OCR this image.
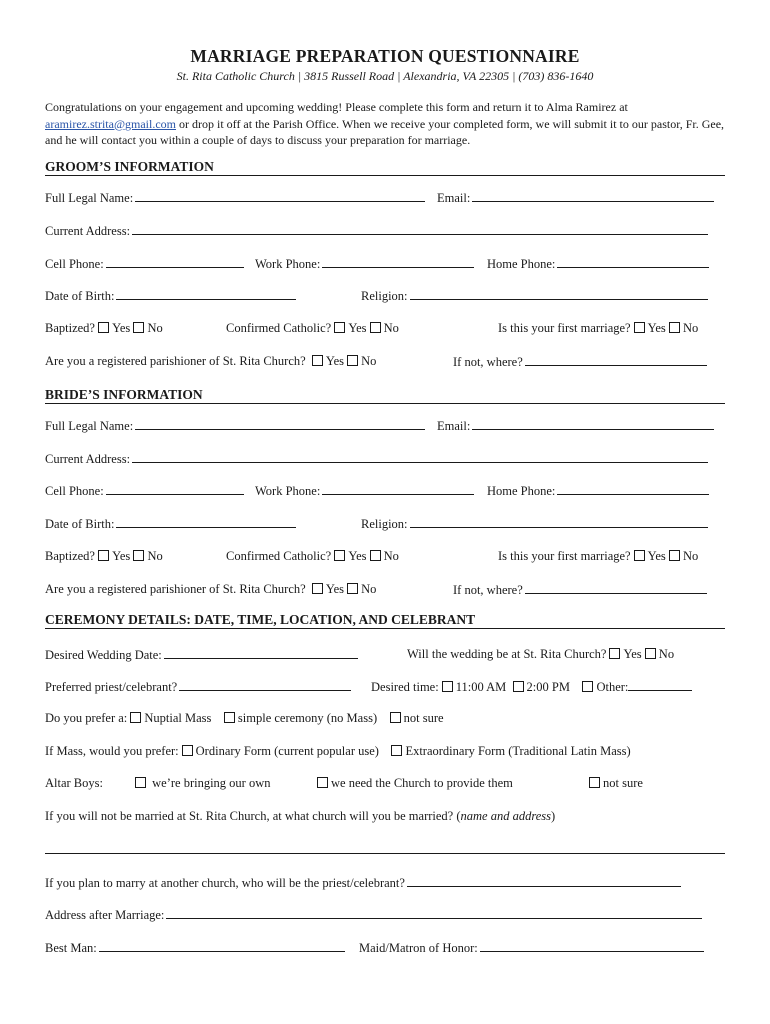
MARRIAGE PREPARATION QUESTIONNAIRE
St. Rita Catholic Church | 3815 Russell Road | Alexandria, VA 22305 | (703) 836-1640
Congratulations on your engagement and upcoming wedding! Please complete this form and return it to Alma Ramirez at aramirez.strita@gmail.com or drop it off at the Parish Office. When we receive your completed form, we will submit it to our pastor, Fr. Gee, and he will contact you within a couple of days to discuss your preparation for marriage.
GROOM’S INFORMATION
Full Legal Name:	Email:
Current Address:
Cell Phone:	Work Phone:	Home Phone:
Date of Birth:	Religion:
Baptized? Yes No	Confirmed Catholic? Yes No	Is this your first marriage? Yes No
Are you a registered parishioner of St. Rita Church? Yes No	If not, where?
BRIDE’S INFORMATION
Full Legal Name:	Email:
Current Address:
Cell Phone:	Work Phone:	Home Phone:
Date of Birth:	Religion:
Baptized? Yes No	Confirmed Catholic? Yes No	Is this your first marriage? Yes No
Are you a registered parishioner of St. Rita Church? Yes No	If not, where?
CEREMONY DETAILS: DATE, TIME, LOCATION, AND CELEBRANT
Desired Wedding Date:	Will the wedding be at St. Rita Church? Yes No
Preferred priest/celebrant?	Desired time: 11:00 AM 2:00 PM Other:
Do you prefer a: Nuptial Mass simple ceremony (no Mass) not sure
If Mass, would you prefer: Ordinary Form (current popular use) Extraordinary Form (Traditional Latin Mass)
Altar Boys:	we’re bringing our own	we need the Church to provide them	not sure
If you will not be married at St. Rita Church, at what church will you be married? (name and address)
If you plan to marry at another church, who will be the priest/celebrant?
Address after Marriage:
Best Man:	Maid/Matron of Honor:
